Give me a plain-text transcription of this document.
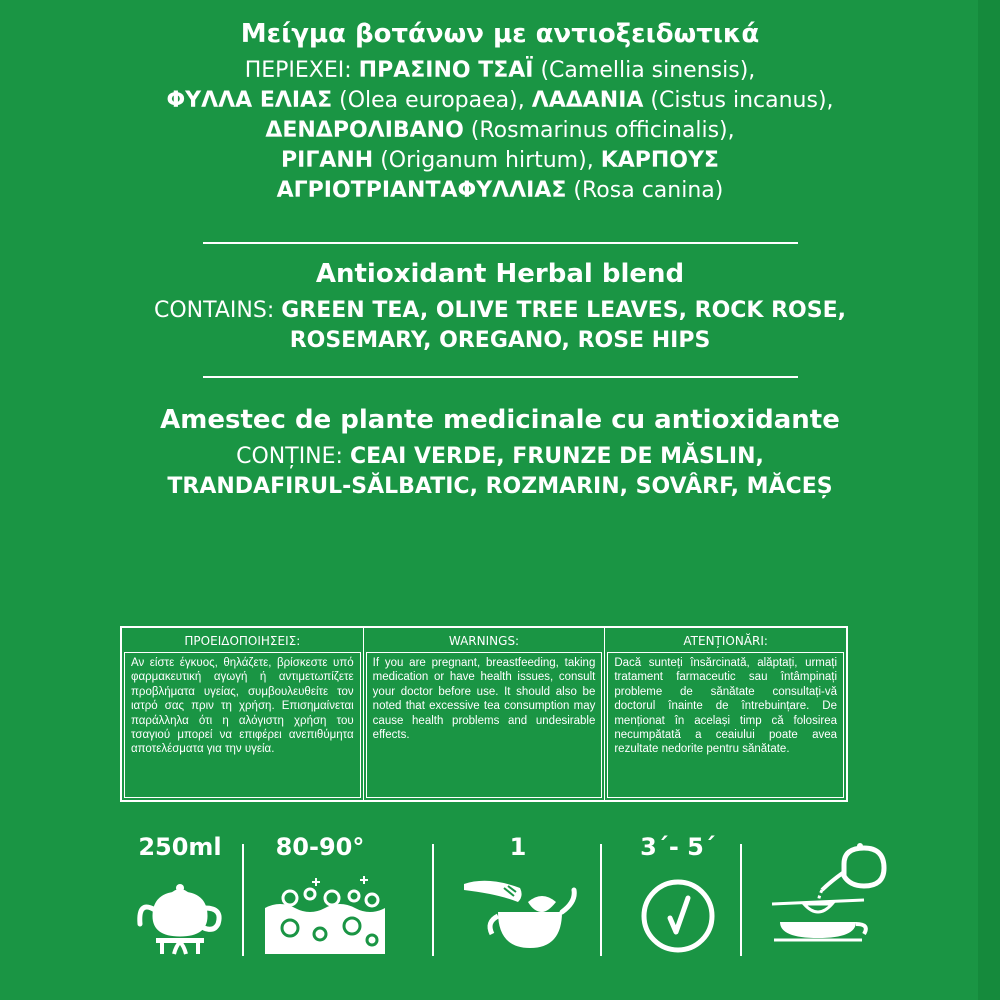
Μείγμα βοτάνων με αντιοξειδωτικά
ΠΕΡΙΕΧΕΙ: ΠΡΑΣΙΝΟ ΤΣΑΪ (Camellia sinensis),
ΦΥΛΛΑ ΕΛΙΑΣ (Olea europaea), ΛΑΔΑΝΙΑ (Cistus incanus),
ΔΕΝΔΡΟΛΙΒΑΝΟ (Rosmarinus officinalis),
ΡΙΓΑΝΗ (Origanum hirtum), ΚΑΡΠΟΥΣ
ΑΓΡΙΟΤΡΙΑΝΤΑΦΥΛΛΙΑΣ (Rosa canina)
Antioxidant Herbal blend
CONTAINS: GREEN TEA, OLIVE TREE LEAVES, ROCK ROSE,
ROSEMARY, OREGANO, ROSE HIPS
Amestec de plante medicinale cu antioxidante
CONȚINE: CEAI VERDE, FRUNZE DE MĂSLIN,
TRANDAFIRUL-SĂLBATIC, ROZMARIN, SOVÂRF, MĂCEȘ
ΠΡΟΕΙΔΟΠΟΙΗΣΕΙΣ:
Αν είστε έγκυος, θηλάζετε, βρίσκεστε υπό φαρμακευτική αγωγή ή αντιμετωπίζετε προβλήματα υγείας, συμβουλευθείτε τον ιατρό σας πριν τη χρήση. Επισημαίνεται παράλληλα ότι η αλόγιστη χρήση του τσαγιού μπορεί να επιφέρει ανεπιθύμητα αποτελέσματα για την υγεία.
WARNINGS:
If you are pregnant, breastfeeding, taking medication or have health issues, consult your doctor before use. It should also be noted that excessive tea consumption may cause health problems and undesirable effects.
ATENȚIONĂRI:
Dacă sunteți însărcinată, alăptați, urmați tratament farmaceutic sau întâmpinați probleme de sănătate consultați-vă doctorul înainte de întrebuințare. De menționat în același timp că folosirea necumpătată a ceaiului poate avea rezultate nedorite pentru sănătate.
250ml	80-90°	1	3´- 5´
